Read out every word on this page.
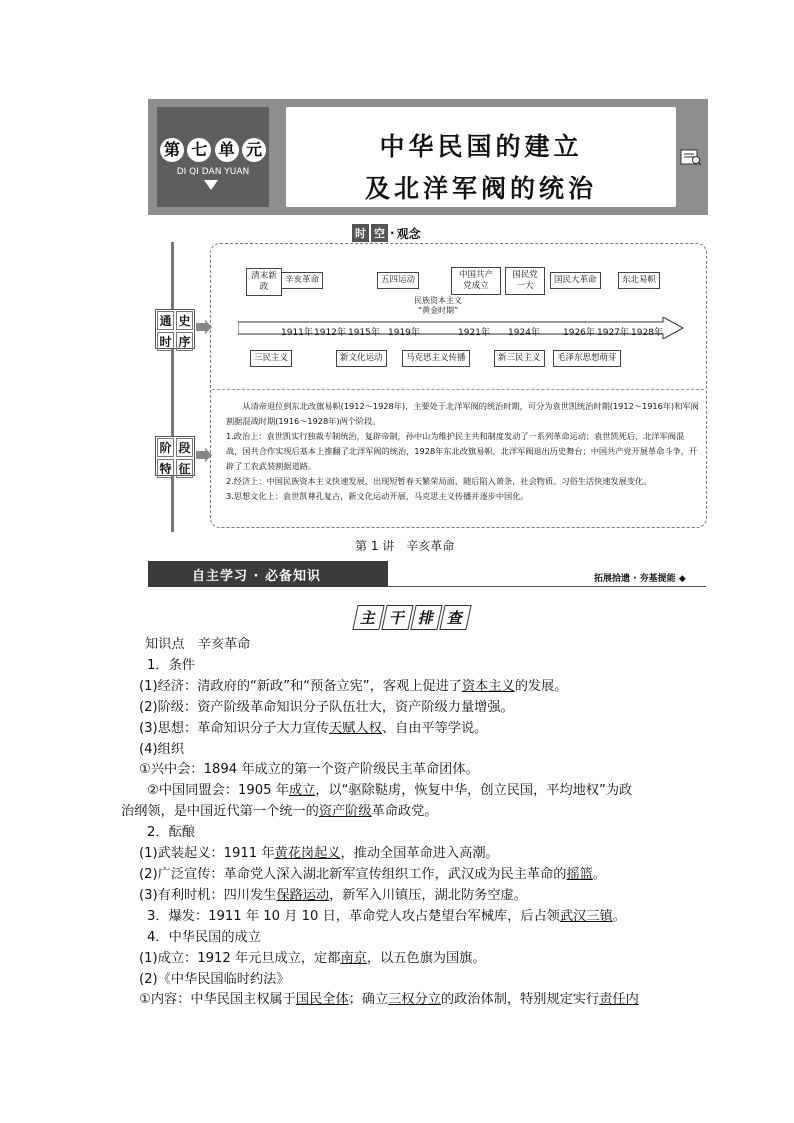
第 七 单 元
DI QI DAN YUAN
中华民国的建立
及北洋军阀的统治
时 空 · 观念
通 史
时 序
阶 段
特 征
清末新政
辛亥革命	五四运动	中国共产党成立
国民党一大
国民大革命	东北易帜
民族资本主义
“黄金时期”
1911年 1912年 1915年 1919年	1921年 1924年	1926年 1927年 1928年
三民主义	新文化运动	马克思主义传播	新三民主义	毛泽东思想萌芽

从清帝退位到东北改旗易帜(1912～1928年)，主要处于北洋军阀的统治时期，可分为袁世凯统治时期(1912～1916年)和军阀割据混战时期(1916～1928年)两个阶段。

1.政治上：袁世凯实行独裁专制统治，复辟帝制，孙中山为维护民主共和制度发动了一系列革命运动；袁世凯死后，北洋军阀混战，国共合作实现后基本上推翻了北洋军阀的统治，1928年东北改旗易帜，北洋军阀退出历史舞台；中国共产党开展革命斗争，开辟了工农武装割据道路。

2.经济上：中国民族资本主义快速发展，出现短暂春天繁荣局面，随后陷入萧条，社会物质、习俗生活快速发展变化。

3.思想文化上：袁世凯尊孔复古，新文化运动开展，马克思主义传播并逐步中国化。

第 1 讲　辛亥革命
自主学习 · 必备知识	拓展拾遗 · 夯基提能 ◆
主 干 排 查

知识点　辛亥革命

1．条件

(1)经济：清政府的“新政”和“预备立宪”，客观上促进了资本主义的发展。

(2)阶级：资产阶级革命知识分子队伍壮大，资产阶级力量增强。

(3)思想：革命知识分子大力宣传天赋人权、自由平等学说。

(4)组织

①兴中会：1894 年成立的第一个资产阶级民主革命团体。

②中国同盟会：1905 年成立，以“驱除鞑虏，恢复中华，创立民国，平均地权”为政

治纲领，是中国近代第一个统一的资产阶级革命政党。

2．酝酿

(1)武装起义：1911 年黄花岗起义，推动全国革命进入高潮。

(2)广泛宣传：革命党人深入湖北新军宣传组织工作，武汉成为民主革命的摇篮。

(3)有利时机：四川发生保路运动，新军入川镇压，湖北防务空虚。

3．爆发：1911 年 10 月 10 日，革命党人攻占楚望台军械库，后占领武汉三镇。

4．中华民国的成立

(1)成立：1912 年元旦成立，定都南京，以五色旗为国旗。

(2)《中华民国临时约法》

①内容：中华民国主权属于国民全体；确立三权分立的政治体制，特别规定实行责任内
